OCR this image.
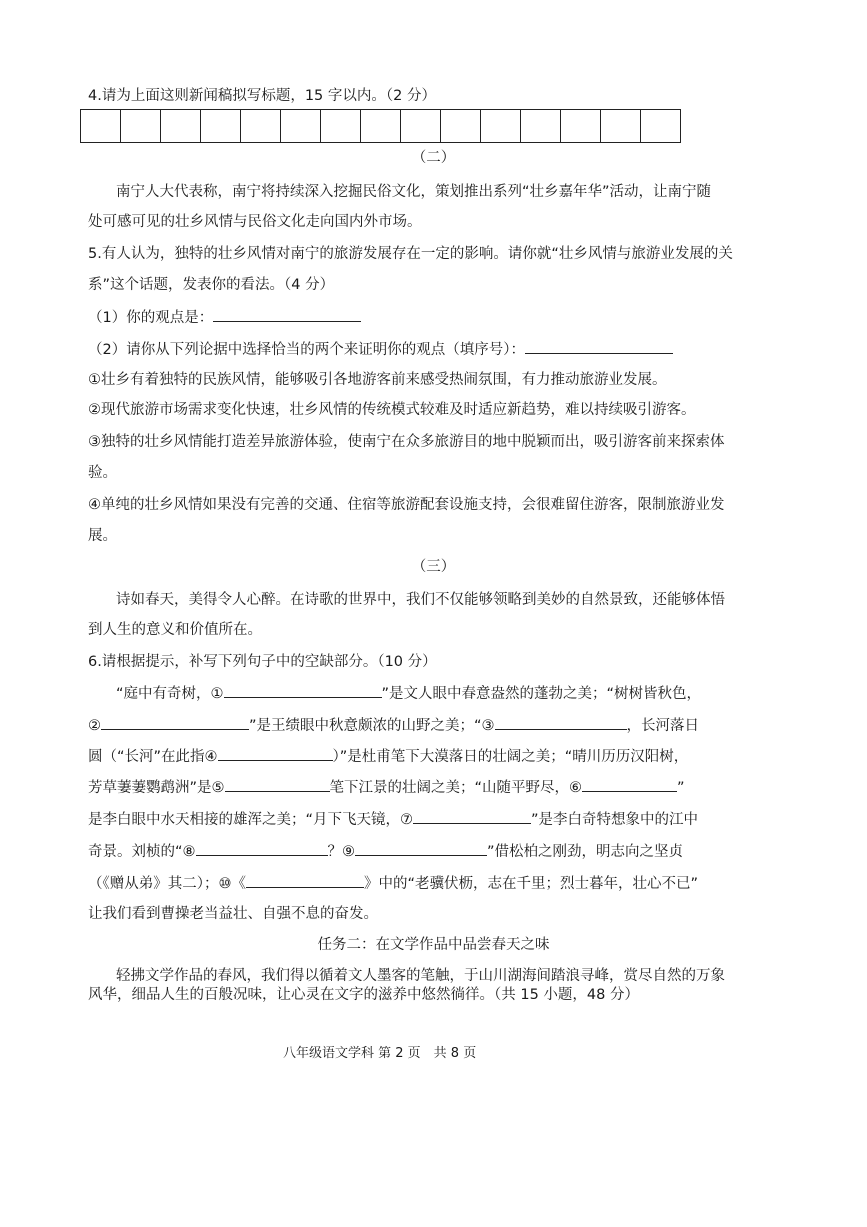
4.请为上面这则新闻稿拟写标题，15 字以内。（2 分）
（二）
南宁人大代表称，南宁将持续深入挖掘民俗文化，策划推出系列“壮乡嘉年华”活动，让南宁随
处可感可见的壮乡风情与民俗文化走向国内外市场。
5.有人认为，独特的壮乡风情对南宁的旅游发展存在一定的影响。请你就“壮乡风情与旅游业发展的关
系”这个话题，发表你的看法。（4 分）
（1）你的观点是：
（2）请你从下列论据中选择恰当的两个来证明你的观点（填序号）：
①壮乡有着独特的民族风情，能够吸引各地游客前来感受热闹氛围，有力推动旅游业发展。
②现代旅游市场需求变化快速，壮乡风情的传统模式较难及时适应新趋势，难以持续吸引游客。
③独特的壮乡风情能打造差异旅游体验，使南宁在众多旅游目的地中脱颖而出，吸引游客前来探索体
验。
④单纯的壮乡风情如果没有完善的交通、住宿等旅游配套设施支持，会很难留住游客，限制旅游业发
展。
（三）
诗如春天，美得令人心醉。在诗歌的世界中，我们不仅能够领略到美妙的自然景致，还能够体悟
到人生的意义和价值所在。
6.请根据提示，补写下列句子中的空缺部分。（10 分）
“庭中有奇树，①	”是文人眼中春意盎然的蓬勃之美；“树树皆秋色，
②	”是王绩眼中秋意颇浓的山野之美；“③	，长河落日
圆（“长河”在此指④	）”是杜甫笔下大漠落日的壮阔之美；“晴川历历汉阳树，
芳草萋萋鹦鹉洲”是⑤	笔下江景的壮阔之美；“山随平野尽，⑥	”
是李白眼中水天相接的雄浑之美；“月下飞天镜，⑦	”是李白奇特想象中的江中
奇景。刘桢的“⑧	？⑨	”借松柏之刚劲，明志向之坚贞
（《赠从弟》其二）；⑩《	》中的“老骥伏枥，志在千里；烈士暮年，壮心不已”
让我们看到曹操老当益壮、自强不息的奋发。
任务二：在文学作品中品尝春天之味
轻拂文学作品的春风，我们得以循着文人墨客的笔触，于山川湖海间踏浪寻峰，赏尽自然的万象
风华，细品人生的百般况味，让心灵在文字的滋养中悠然徜徉。（共 15 小题，48 分）
八年级语文学科 第 2 页　共 8 页
